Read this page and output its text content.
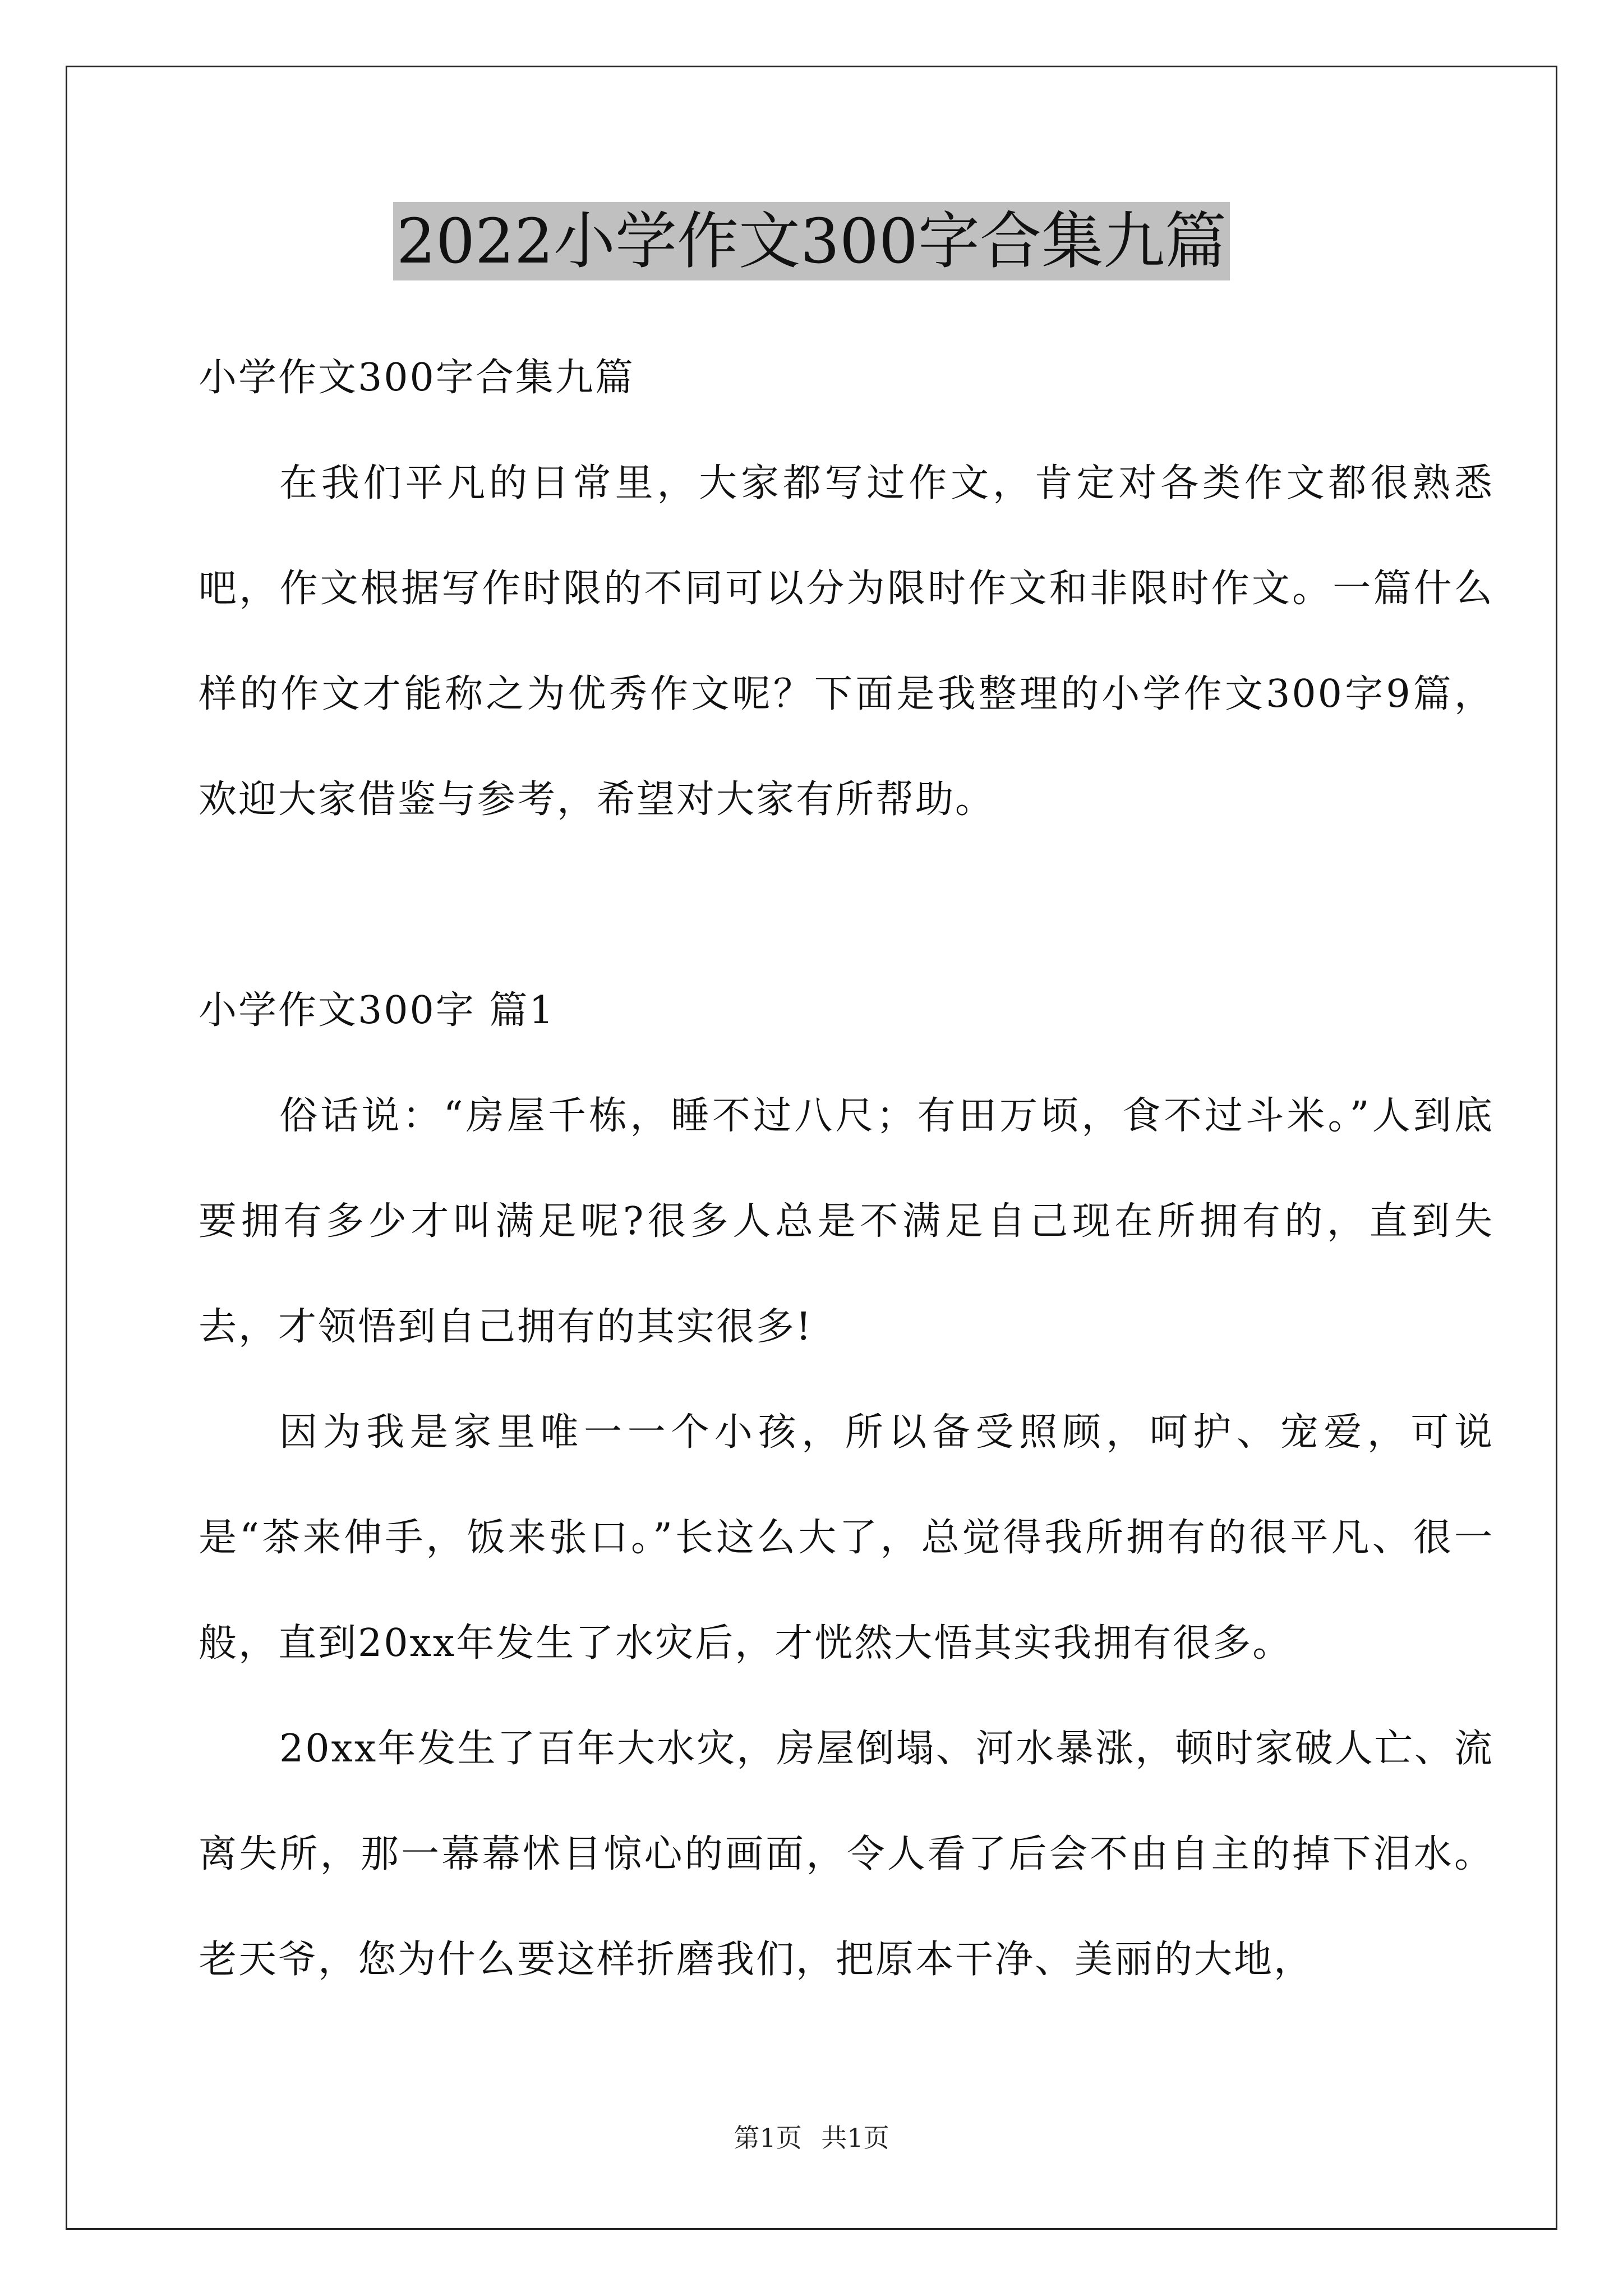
2022小学作文300字合集九篇

小学作文300字合集九篇

在我们平凡的日常里，大家都写过作文，肯定对各类作文都很熟悉吧，作文根据写作时限的不同可以分为限时作文和非限时作文。一篇什么样的作文才能称之为优秀作文呢？下面是我整理的小学作文300字9篇，欢迎大家借鉴与参考，希望对大家有所帮助。

小学作文300字 篇1

俗话说：“房屋千栋，睡不过八尺；有田万顷，食不过斗米。”人到底要拥有多少才叫满足呢?很多人总是不满足自己现在所拥有的，直到失去，才领悟到自己拥有的其实很多!

因为我是家里唯一一个小孩，所以备受照顾，呵护、宠爱，可说是“茶来伸手，饭来张口。”长这么大了，总觉得我所拥有的很平凡、很一般，直到20xx年发生了水灾后，才恍然大悟其实我拥有很多。

20xx年发生了百年大水灾，房屋倒塌、河水暴涨，顿时家破人亡、流离失所，那一幕幕怵目惊心的画面，令人看了后会不由自主的掉下泪水。老天爷，您为什么要这样折磨我们，把原本干净、美丽的大地，

第1页 共1页
